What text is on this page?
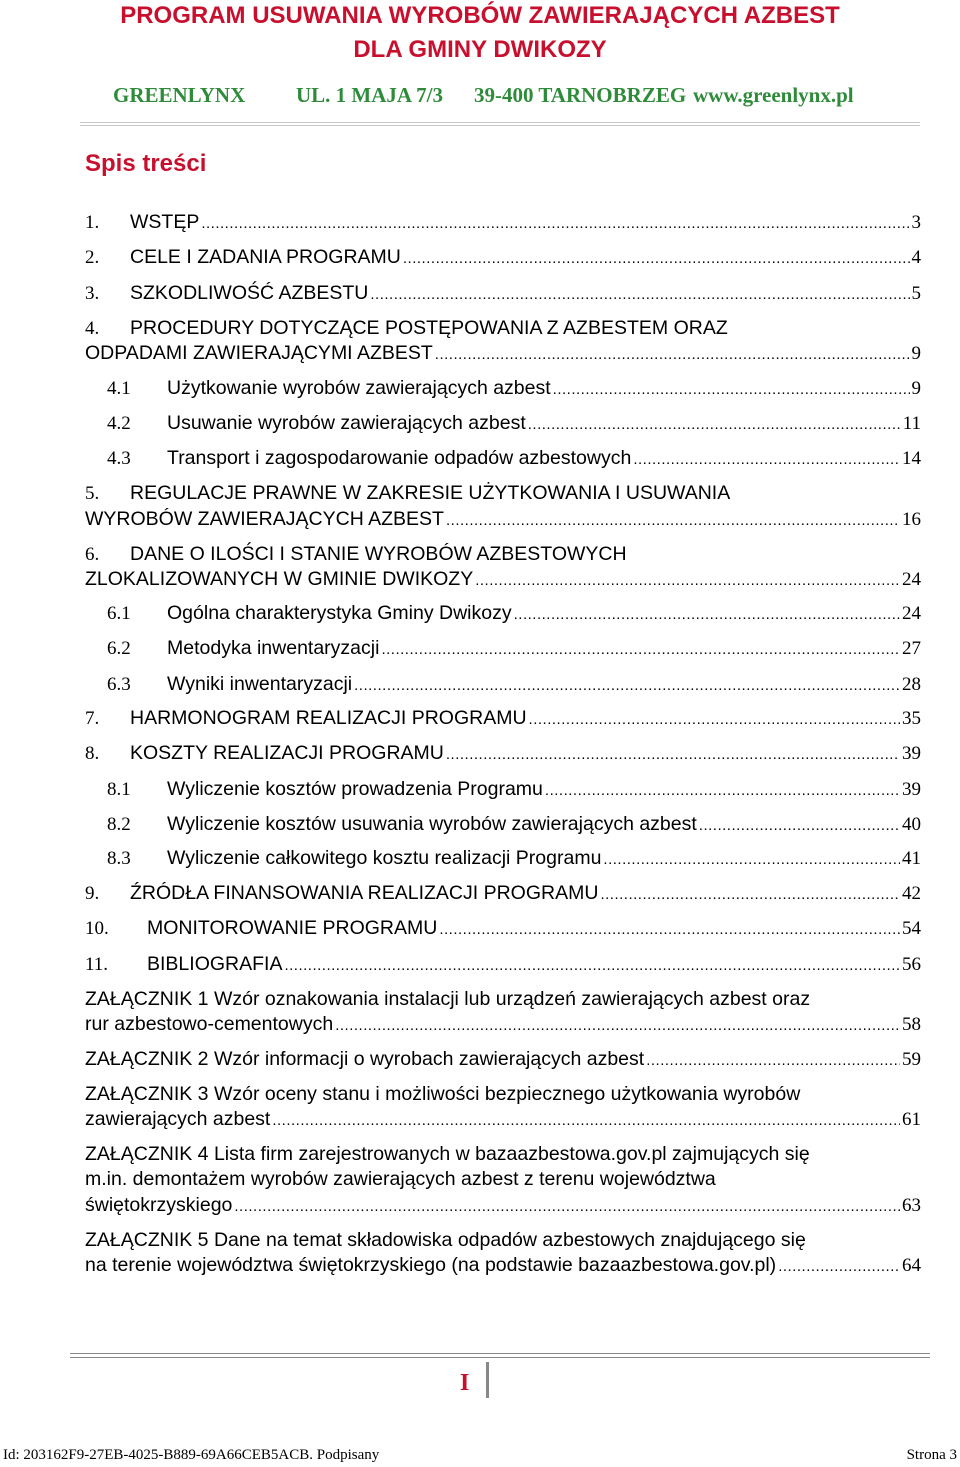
PROGRAM USUWANIA WYROBÓW ZAWIERAJĄCYCH AZBEST
DLA GMINY DWIKOZY
GREENLYNX UL. 1 MAJA 7/3 39-400 TARNOBRZEG www.greenlynx.pl
Spis treści
1.	WSTĘP .....	3
2.	CELE I ZADANIA PROGRAMU .....	4
3.	SZKODLIWOŚĆ AZBESTU .....	5
4.	PROCEDURY DOTYCZĄCE POSTĘPOWANIA Z AZBESTEM ORAZ
ODPADAMI ZAWIERAJĄCYMI AZBEST .....	9
4.1	Użytkowanie wyrobów zawierających azbest .....	9
4.2	Usuwanie wyrobów zawierających azbest .....	11
4.3	Transport i zagospodarowanie odpadów azbestowych .....	14
5.	REGULACJE PRAWNE W ZAKRESIE UŻYTKOWANIA I USUWANIA
WYROBÓW ZAWIERAJĄCYCH AZBEST .....	16
6.	DANE O ILOŚCI I STANIE WYROBÓW AZBESTOWYCH
ZLOKALIZOWANYCH W GMINIE DWIKOZY .....	24
6.1	Ogólna charakterystyka Gminy Dwikozy .....	24
6.2	Metodyka inwentaryzacji .....	27
6.3	Wyniki inwentaryzacji .....	28
7.	HARMONOGRAM REALIZACJI PROGRAMU .....	35
8.	KOSZTY REALIZACJI PROGRAMU .....	39
8.1	Wyliczenie kosztów prowadzenia Programu .....	39
8.2	Wyliczenie kosztów usuwania wyrobów zawierających azbest .....	40
8.3	Wyliczenie całkowitego kosztu realizacji Programu .....	41
9.	ŹRÓDŁA FINANSOWANIA REALIZACJI PROGRAMU .....	42
10.	MONITOROWANIE PROGRAMU .....	54
11.	BIBLIOGRAFIA .....	56
ZAŁĄCZNIK 1 Wzór oznakowania instalacji lub urządzeń zawierających azbest oraz
rur azbestowo-cementowych .....	58
ZAŁĄCZNIK 2 Wzór informacji o wyrobach zawierających azbest .....	59
ZAŁĄCZNIK 3 Wzór oceny stanu i możliwości bezpiecznego użytkowania wyrobów
zawierających azbest .....	61
ZAŁĄCZNIK 4 Lista firm zarejestrowanych w bazaazbestowa.gov.pl zajmujących się
m.in. demontażem wyrobów zawierających azbest z terenu województwa
świętokrzyskiego .....	63
ZAŁĄCZNIK 5 Dane na temat składowiska odpadów azbestowych znajdującego się
na terenie województwa świętokrzyskiego (na podstawie bazaazbestowa.gov.pl) .....	64
I
Id: 203162F9-27EB-4025-B889-69A66CEB5ACB. Podpisany	Strona 3
